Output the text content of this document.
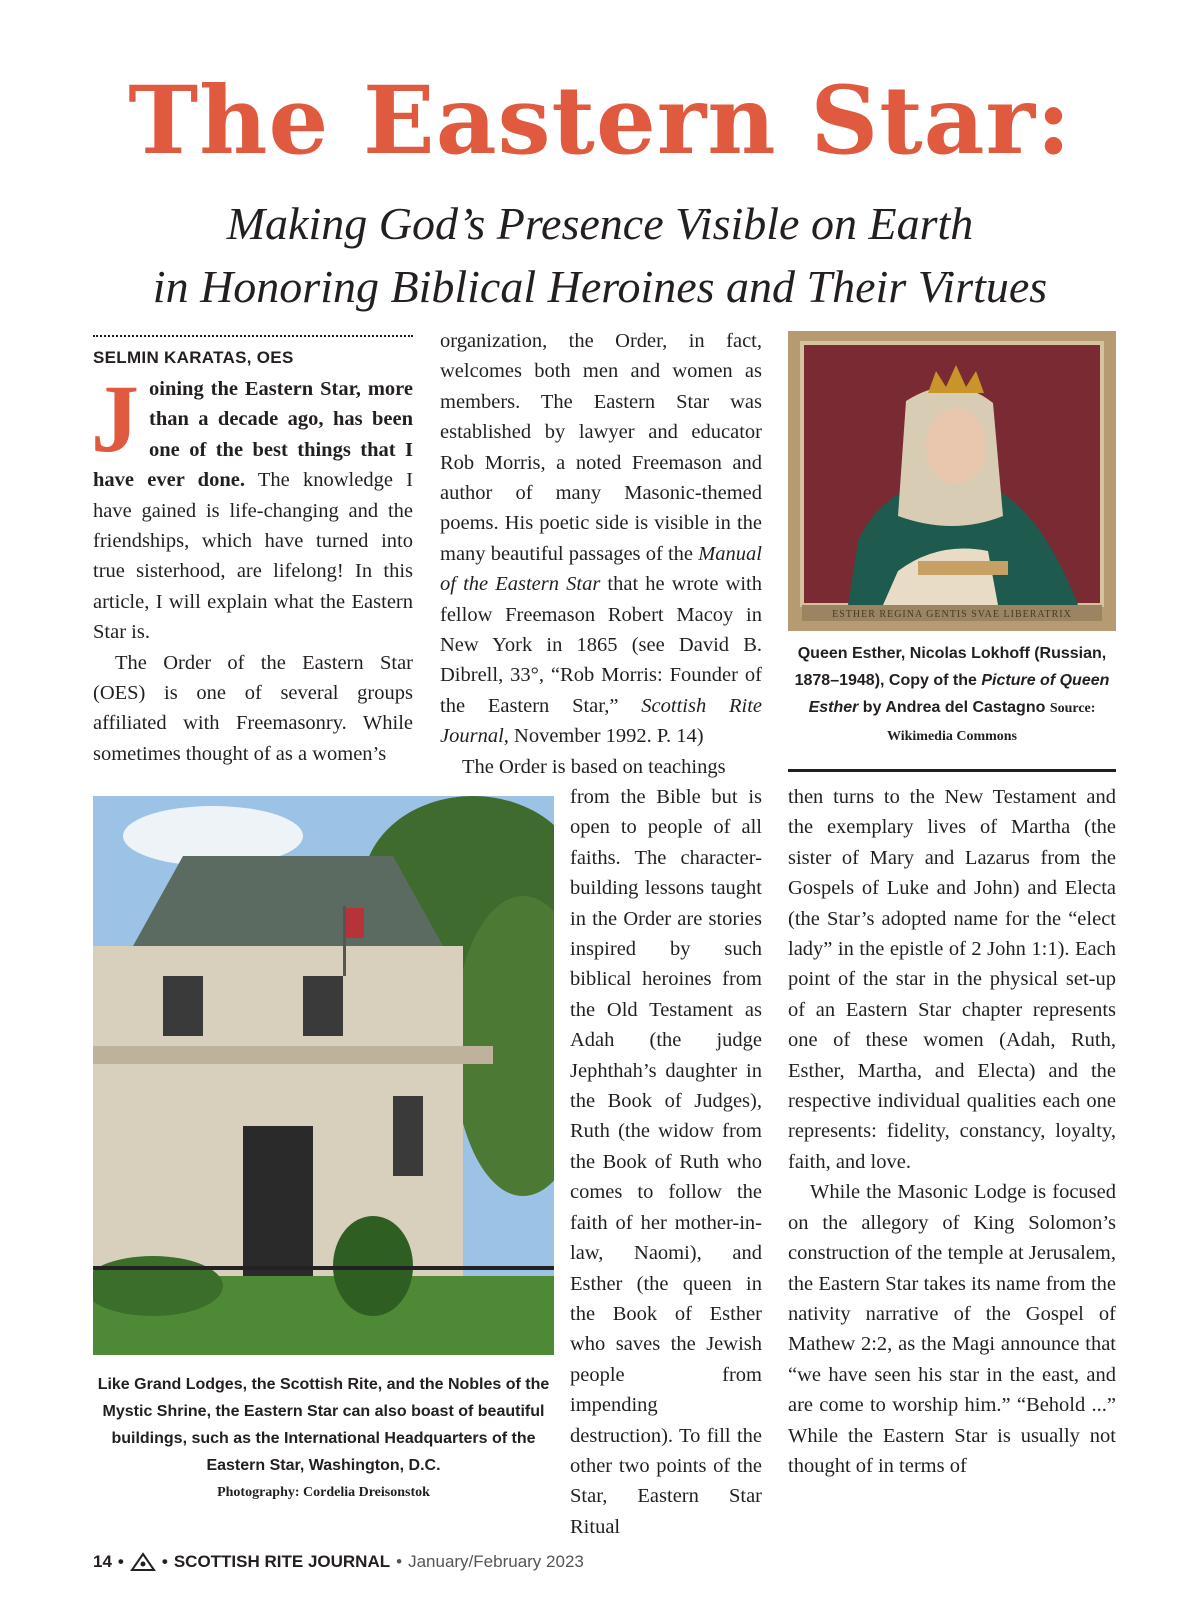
The Eastern Star:
Making God’s Presence Visible on Earth
in Honoring Biblical Heroines and Their Virtues
SELMIN KARATAS, OES

Joining the Eastern Star, more than a decade ago, has been one of the best things that I have ever done. The knowledge I have gained is life-changing and the friendships, which have turned into true sisterhood, are lifelong! In this article, I will explain what the Eastern Star is.

The Order of the Eastern Star (OES) is one of several groups affiliated with Freemasonry. While sometimes thought of as a women’s

organization, the Order, in fact, welcomes both men and women as members. The Eastern Star was established by lawyer and educator Rob Morris, a noted Freemason and author of many Masonic-themed poems. His poetic side is visible in the many beautiful passages of the Manual of the Eastern Star that he wrote with fellow Freemason Robert Macoy in New York in 1865 (see David B. Dibrell, 33°, “Rob Morris: Founder of the Eastern Star,” Scottish Rite Journal, November 1992. P. 14)

The Order is based on teachings

from the Bible but is open to people of all faiths. The character-building lessons taught in the Order are stories inspired by such biblical heroines from the Old Testament as Adah (the judge Jephthah’s daughter in the Book of Judges), Ruth (the widow from the Book of Ruth who comes to follow the faith of her mother-in-law, Naomi), and Esther (the queen in the Book of Esther who saves the Jewish people from impending destruction). To fill the other two points of the Star, Eastern Star Ritual

ESTHER REGINA GENTIS SVAE LIBERATRIX
Queen Esther, Nicolas Lokhoff (Russian, 1878–1948), Copy of the Picture of Queen Esther by Andrea del Castagno Source: Wikimedia Commons

then turns to the New Testament and the exemplary lives of Martha (the sister of Mary and Lazarus from the Gospels of Luke and John) and Electa (the Star’s adopted name for the “elect lady” in the epistle of 2 John 1:1). Each point of the star in the physical set-up of an Eastern Star chapter represents one of these women (Adah, Ruth, Esther, Martha, and Electa) and the respective individual qualities each one represents: fidelity, constancy, loyalty, faith, and love.

While the Masonic Lodge is focused on the allegory of King Solomon’s construction of the temple at Jerusalem, the Eastern Star takes its name from the nativity narrative of the Gospel of Mathew 2:2, as the Magi announce that “we have seen his star in the east, and are come to worship him.” “Behold ...” While the Eastern Star is usually not thought of in terms of

Like Grand Lodges, the Scottish Rite, and the Nobles of the Mystic Shrine, the Eastern Star can also boast of beautiful buildings, such as the International Headquarters of the Eastern Star, Washington, D.C.
Photography: Cordelia Dreisonstok
14 • • SCOTTISH RITE JOURNAL • January/February 2023
